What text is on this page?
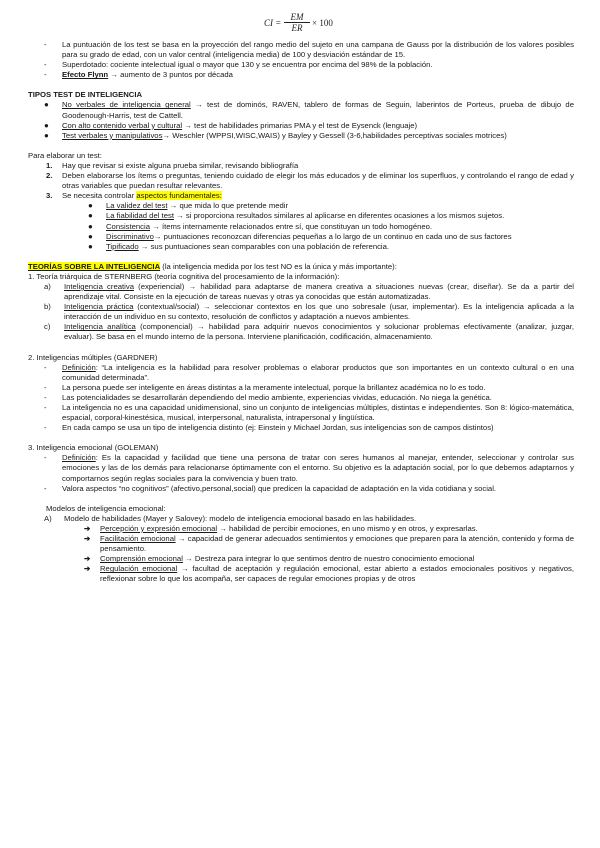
CI = $\frac{EM}{ER} \times 100$
- La puntuación de los test se basa en la proyección del rango medio del sujeto en una campana de Gauss por la distribución de los valores posibles para su grado de edad, con un valor central (inteligencia media) de 100 y desviación estándar de 15.
- Superdotado: cociente intelectual igual o mayor que 130 y se encuentra por encima del 98% de la población.
- Efecto Flynn → aumento de 3 puntos por década
TIPOS TEST DE INTELIGENCIA
● No verbales de inteligencia general → test de dominós, RAVEN, tablero de formas de Seguin, laberintos de Porteus, prueba de dibujo de Goodenough-Harris, test de Cattell.
● Con alto contenido verbal y cultural → test de habilidades primarias PMA y el test de Eysenck (lenguaje)
● Test verbales y manipulativos→ Weschler (WPPSI,WISC,WAIS) y Bayley y Gessell (3-6,habilidades perceptivas sociales motrices)
Para elaborar un test:
1. Hay que revisar si existe alguna prueba similar, revisando bibliografía
2. Deben elaborarse los ítems o preguntas, teniendo cuidado de elegir los más educados y de eliminar los superfluos, y controlando el rango de edad y otras variables que puedan resultar relevantes.
3. Se necesita controlar aspectos fundamentales:
● La validez del test → que mida lo que pretende medir
● La fiabilidad del test → si proporciona resultados similares al aplicarse en diferentes ocasiones a los mismos sujetos.
● Consistencia → ítems internamente relacionados entre sí, que constituyan un todo homogéneo.
● Discriminativo→ puntuaciones reconozcan diferencias pequeñas a lo largo de un continuo en cada uno de sus factores
● Tipificado → sus puntuaciones sean comparables con una población de referencia.
TEORÍAS SOBRE LA INTELIGENCIA (la inteligencia medida por los test NO es la única y más importante):
1. Teoría triárquica de STERNBERG (teoría cognitiva del procesamiento de la información):
a) Inteligencia creativa (experiencial) → habilidad para adaptarse de manera creativa a situaciones nuevas (crear, diseñar). Se da a partir del aprendizaje vital. Consiste en la ejecución de tareas nuevas y otras ya conocidas que están automatizadas.
b) Inteligencia práctica (contextual/social) → seleccionar contextos en los que uno sobresale (usar, implementar). Es la inteligencia aplicada a la interacción de un individuo en su contexto, resolución de conflictos y adaptación a nuevos ambientes.
c) Inteligencia analítica (componencial) → habilidad para adquirir nuevos conocimientos y solucionar problemas efectivamente (analizar, juzgar, evaluar). Se basa en el mundo interno de la persona. Interviene planificación, codificación, almacenamiento.
2. Inteligencias múltiples (GARDNER)
- Definición: “La inteligencia es la habilidad para resolver problemas o elaborar productos que son importantes en un contexto cultural o en una comunidad determinada”.
- La persona puede ser inteligente en áreas distintas a la meramente intelectual, porque la brillantez académica no lo es todo.
- Las potencialidades se desarrollarán dependiendo del medio ambiente, experiencias vividas, educación. No niega la genética.
- La inteligencia no es una capacidad unidimensional, sino un conjunto de inteligencias múltiples, distintas e independientes. Son 8: lógico-matemática, espacial, corporal-kinestésica, musical, interpersonal, naturalista, intrapersonal y lingüística.
- En cada campo se usa un tipo de inteligencia distinto (ej: Einstein y Michael Jordan, sus inteligencias son de campos distintos)
3. Inteligencia emocional (GOLEMAN)
- Definición: Es la capacidad y facilidad que tiene una persona de tratar con seres humanos al manejar, entender, seleccionar y controlar sus emociones y las de los demás para relacionarse óptimamente con el entorno. Su objetivo es la adaptación social, por lo que debemos adaptarnos y comportarnos según reglas sociales para la convivencia y buen trato.
- Valora aspectos “no cognitivos” (afectivo,personal,social) que predicen la capacidad de adaptación en la vida cotidiana y social.
Modelos de inteligencia emocional:
A) Modelo de habilidades (Mayer y Salovey): modelo de inteligencia emocional basado en las habilidades.
➔ Percepción y expresión emocional → habilidad de percibir emociones, en uno mismo y en otros, y expresarlas.
➔ Facilitación emocional → capacidad de generar adecuados sentimientos y emociones que preparen para la atención, contenido y forma de pensamiento.
➔ Comprensión emocional → Destreza para integrar lo que sentimos dentro de nuestro conocimiento emocional
➔ Regulación emocional → facultad de aceptación y regulación emocional, estar abierto a estados emocionales positivos y negativos, reflexionar sobre lo que los acompaña, ser capaces de regular emociones propias y de otros
